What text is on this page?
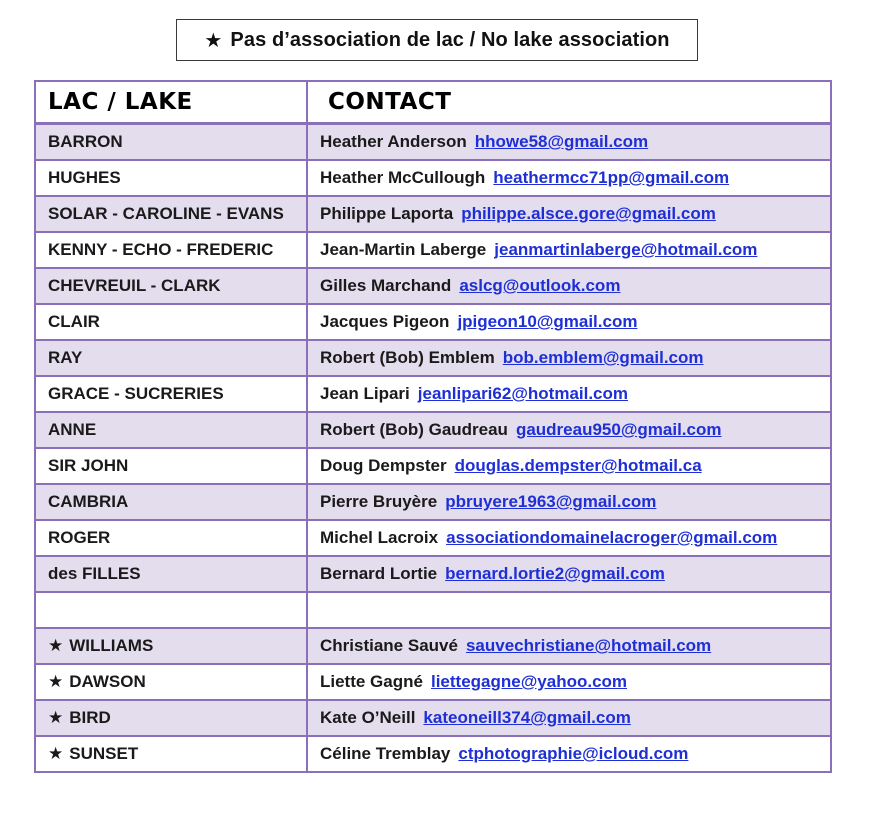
★ Pas d’association de lac / No lake association
LAC / LAKE	CONTACT
BARRON	Heather Anderson hhowe58@gmail.com
HUGHES	Heather McCullough heathermcc71pp@gmail.com
SOLAR - CAROLINE - EVANS	Philippe Laporta philippe.alsce.gore@gmail.com
KENNY - ECHO - FREDERIC	Jean-Martin Laberge jeanmartinlaberge@hotmail.com
CHEVREUIL - CLARK	Gilles Marchand aslcg@outlook.com
CLAIR	Jacques Pigeon jpigeon10@gmail.com
RAY	Robert (Bob) Emblem bob.emblem@gmail.com
GRACE - SUCRERIES	Jean Lipari jeanlipari62@hotmail.com
ANNE	Robert (Bob) Gaudreau gaudreau950@gmail.com
SIR JOHN	Doug Dempster douglas.dempster@hotmail.ca
CAMBRIA	Pierre Bruyère pbruyere1963@gmail.com
ROGER	Michel Lacroix associationdomainelacroger@gmail.com
des FILLES	Bernard Lortie bernard.lortie2@gmail.com

★ WILLIAMS	Christiane Sauvé sauvechristiane@hotmail.com
★ DAWSON	Liette Gagné liettegagne@yahoo.com
★ BIRD	Kate O’Neill kateoneill374@gmail.com
★ SUNSET	Céline Tremblay ctphotographie@icloud.com
